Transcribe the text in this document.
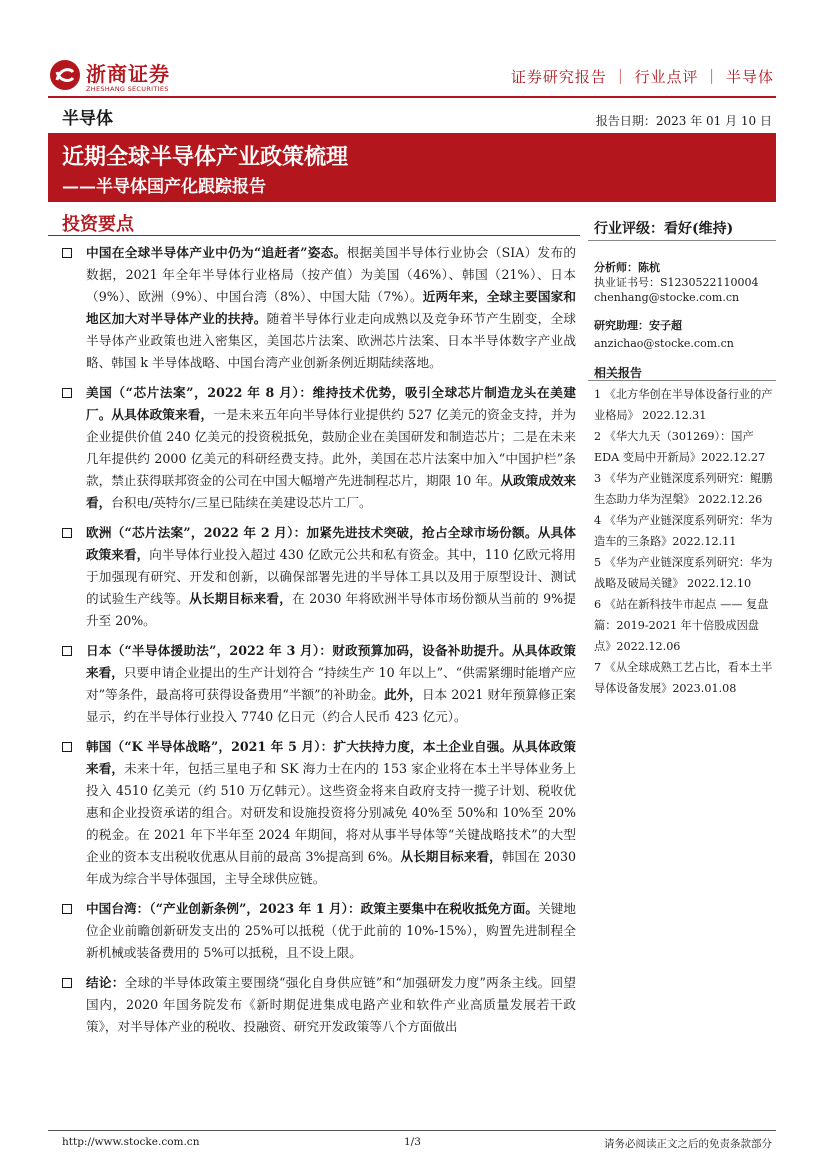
浙商证券
ZHESHANG SECURITIES
证券研究报告 ｜ 行业点评 ｜ 半导体
半导体	报告日期：2023 年 01 月 10 日
近期全球半导体产业政策梳理
——半导体国产化跟踪报告
投资要点
中国在全球半导体产业中仍为“追赶者”姿态。根据美国半导体行业协会（SIA）发布的数据，2021 年全年半导体行业格局（按产值）为美国（46%）、韩国（21%）、日本（9%）、欧洲（9%）、中国台湾（8%）、中国大陆（7%）。近两年来，全球主要国家和地区加大对半导体产业的扶持。随着半导体行业走向成熟以及竞争环节产生剧变，全球半导体产业政策也进入密集区，美国芯片法案、欧洲芯片法案、日本半导体数字产业战略、韩国 k 半导体战略、中国台湾产业创新条例近期陆续落地。
美国（“芯片法案”，2022 年 8 月）：维持技术优势，吸引全球芯片制造龙头在美建厂。从具体政策来看，一是未来五年向半导体行业提供约 527 亿美元的资金支持，并为企业提供价值 240 亿美元的投资税抵免，鼓励企业在美国研发和制造芯片；二是在未来几年提供约 2000 亿美元的科研经费支持。此外，美国在芯片法案中加入“中国护栏”条款，禁止获得联邦资金的公司在中国大幅增产先进制程芯片，期限 10 年。从政策成效来看，台积电/英特尔/三星已陆续在美建设芯片工厂。
欧洲（“芯片法案”，2022 年 2 月）：加紧先进技术突破，抢占全球市场份额。从具体政策来看，向半导体行业投入超过 430 亿欧元公共和私有资金。其中，110 亿欧元将用于加强现有研究、开发和创新，以确保部署先进的半导体工具以及用于原型设计、测试的试验生产线等。从长期目标来看，在 2030 年将欧洲半导体市场份额从当前的 9%提升至 20%。
日本（“半导体援助法”，2022 年 3 月）：财政预算加码，设备补助提升。从具体政策来看，只要申请企业提出的生产计划符合 “持续生产 10 年以上”、“供需紧绷时能增产应对”等条件，最高将可获得设备费用“半额”的补助金。此外，日本 2021 财年预算修正案显示，约在半导体行业投入 7740 亿日元（约合人民币 423 亿元）。
韩国（“K 半导体战略”，2021 年 5 月）：扩大扶持力度，本土企业自强。从具体政策来看，未来十年，包括三星电子和 SK 海力士在内的 153 家企业将在本土半导体业务上投入 4510 亿美元（约 510 万亿韩元）。这些资金将来自政府支持一揽子计划、税收优惠和企业投资承诺的组合。对研发和设施投资将分别减免 40%至 50%和 10%至 20%的税金。在 2021 年下半年至 2024 年期间，将对从事半导体等“关键战略技术”的大型企业的资本支出税收优惠从目前的最高 3%提高到 6%。从长期目标来看，韩国在 2030 年成为综合半导体强国，主导全球供应链。
中国台湾：（“产业创新条例”，2023 年 1 月）：政策主要集中在税收抵免方面。关键地位企业前瞻创新研发支出的 25%可以抵税（优于此前的 10%-15%），购置先进制程全新机械或装备费用的 5%可以抵税，且不设上限。
结论：全球的半导体政策主要围绕“强化自身供应链”和“加强研发力度”两条主线。回望国内，2020 年国务院发布《新时期促进集成电路产业和软件产业高质量发展若干政策》，对半导体产业的税收、投融资、研究开发政策等八个方面做出
行业评级：看好(维持)
分析师：陈杭
执业证书号：S1230522110004
chenhang@stocke.com.cn
研究助理：安子超
anzichao@stocke.com.cn
相关报告
1 《北方华创在半导体设备行业的产业格局》 2022.12.31
2 《华大九天（301269）：国产 EDA 变局中开新局》2022.12.27
3 《华为产业链深度系列研究：鲲鹏生态助力华为涅槃》 2022.12.26
4 《华为产业链深度系列研究：华为造车的三条路》2022.12.11
5 《华为产业链深度系列研究：华为战略及破局关键》 2022.12.10
6 《站在新科技牛市起点 —— 复盘篇：2019-2021 年十倍股成因盘点》2022.12.06
7 《从全球成熟工艺占比，看本土半导体设备发展》2023.01.08
http://www.stocke.com.cn	1/3	请务必阅读正文之后的免责条款部分
